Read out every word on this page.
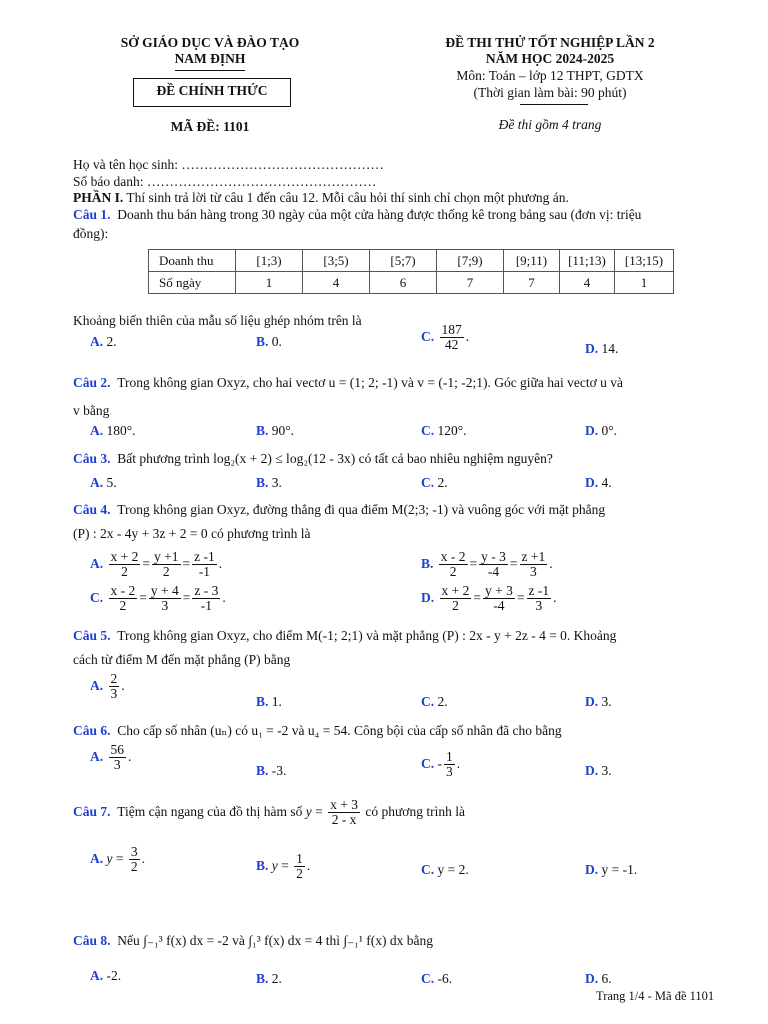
SỞ GIÁO DỤC VÀ ĐÀO TẠO
NAM ĐỊNH
ĐỀ CHÍNH THỨC
MÃ ĐỀ: 1101
ĐỀ THI THỬ TỐT NGHIỆP LẦN 2
NĂM HỌC 2024-2025
Môn: Toán – lớp 12 THPT, GDTX
(Thời gian làm bài: 90 phút)
Đề thi gồm 4 trang
Họ và tên học sinh: ………………………………………
Số báo danh: ……………………………………………
PHẦN I. Thí sinh trả lời từ câu 1 đến câu 12. Mỗi câu hỏi thí sinh chỉ chọn một phương án.
Câu 1. Doanh thu bán hàng trong 30 ngày của một cửa hàng được thống kê trong bảng sau (đơn vị: triệu
đồng):
Doanh thu	[1;3)	[3;5)	[5;7)	[7;9)	[9;11)	[11;13)	[13;15)
Số ngày	1	4	6	7	7	4	1
Khoảng biến thiên của mẫu số liệu ghép nhóm trên là
A. 2.	B. 0.	C. $\frac{187}{42}$ .
D. 14.
Câu 2. Trong không gian Oxyz, cho hai vectơ u = (1; 2; -1) và v = (-1; -2;1). Góc giữa hai vectơ u và
v bằng
A. 180°.	B. 90°.	C. 120°.	D. 0°.
Câu 3. Bất phương trình log₂(x + 2) ≤ log₂(12 - 3x) có tất cả bao nhiêu nghiệm nguyên?
A. 5.	B. 3.	C. 2.	D. 4.
Câu 4. Trong không gian Oxyz, đường thẳng đi qua điểm M(2;3; -1) và vuông góc với mặt phẳng
(P) : 2x - 4y + 3z + 2 = 0 có phương trình là
A. $\frac{x + 2}{2} = \frac{y +1}{2} = \frac{z -1}{-1}$ .	B. $\frac{x - 2}{2} = \frac{y - 3}{-4} = \frac{z +1}{3}$ .
C. $\frac{x - 2}{2} = \frac{y + 4}{3} = \frac{z - 3}{-1}$ .	D. $\frac{x + 2}{2} = \frac{y + 3}{-4} = \frac{z -1}{3}$ .
Câu 5. Trong không gian Oxyz, cho điểm M(-1; 2;1) và mặt phẳng (P) : 2x - y + 2z - 4 = 0. Khoảng
cách từ điểm M đến mặt phẳng (P) bằng
A. $\frac{2}{3}$ .
B. 1.	C. 2.	D. 3.
Câu 6. Cho cấp số nhân (uₙ) có u₁ = -2 và u₄ = 54. Công bội của cấp số nhân đã cho bằng
A. $\frac{56}{3}$ .
B. -3.	C. - $\frac{1}{3}$ .	D. 3.
Câu 7. Tiệm cận ngang của đồ thị hàm số $y = \frac{x + 3}{2 - x}$ có phương trình là
A. $y = \frac{3}{2}$ .	B. $y = \frac{1}{2}$ .	C. y = 2.	D. y = -1.
Câu 8. Nếu ∫₋₁³ f(x) dx = -2 và ∫₁³ f(x) dx = 4 thì ∫₋₁¹ f(x) dx bằng
A. -2.	B. 2.	C. -6.	D. 6.
Trang 1/4 - Mã đề 1101
